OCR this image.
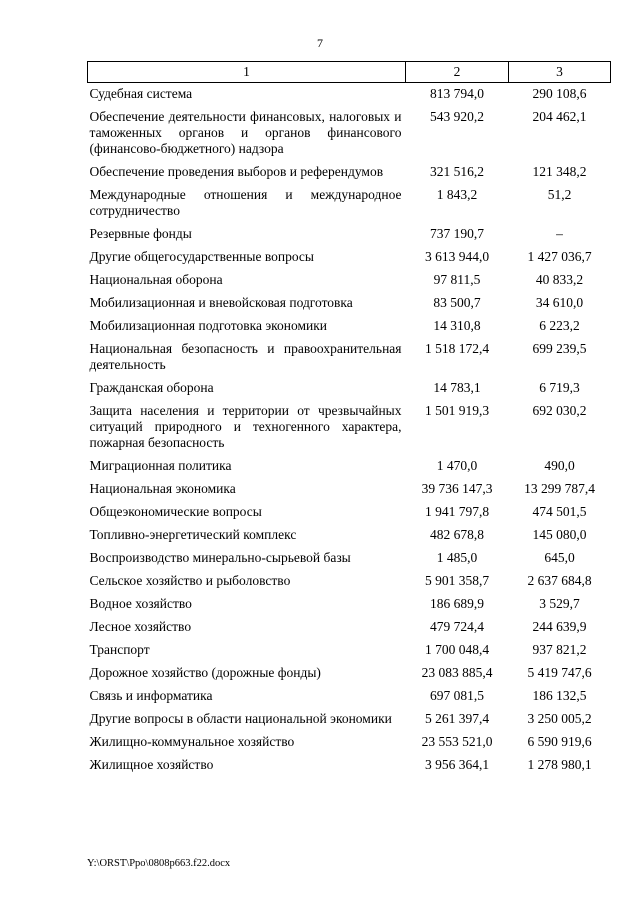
7
1	2	3
Судебная система	813 794,0	290 108,6
Обеспечение деятельности финансовых, налоговых и таможенных органов и органов финансового (финансово-бюджетного) надзора	543 920,2	204 462,1
Обеспечение проведения выборов и референдумов	321 516,2	121 348,2
Международные отношения и международное сотрудничество	1 843,2	51,2
Резервные фонды	737 190,7	–
Другие общегосударственные вопросы	3 613 944,0	1 427 036,7
Национальная оборона	97 811,5	40 833,2
Мобилизационная и вневойсковая подготовка	83 500,7	34 610,0
Мобилизационная подготовка экономики	14 310,8	6 223,2
Национальная безопасность и правоохранительная деятельность	1 518 172,4	699 239,5
Гражданская оборона	14 783,1	6 719,3
Защита населения и территории от чрезвычайных ситуаций природного и техногенного характера, пожарная безопасность	1 501 919,3	692 030,2
Миграционная политика	1 470,0	490,0
Национальная экономика	39 736 147,3	13 299 787,4
Общеэкономические вопросы	1 941 797,8	474 501,5
Топливно-энергетический комплекс	482 678,8	145 080,0
Воспроизводство минерально-сырьевой базы	1 485,0	645,0
Сельское хозяйство и рыболовство	5 901 358,7	2 637 684,8
Водное хозяйство	186 689,9	3 529,7
Лесное хозяйство	479 724,4	244 639,9
Транспорт	1 700 048,4	937 821,2
Дорожное хозяйство (дорожные фонды)	23 083 885,4	5 419 747,6
Связь и информатика	697 081,5	186 132,5
Другие вопросы в области национальной экономики	5 261 397,4	3 250 005,2
Жилищно-коммунальное хозяйство	23 553 521,0	6 590 919,6
Жилищное хозяйство	3 956 364,1	1 278 980,1
Y:\ORST\Ppo\0808p663.f22.docx
